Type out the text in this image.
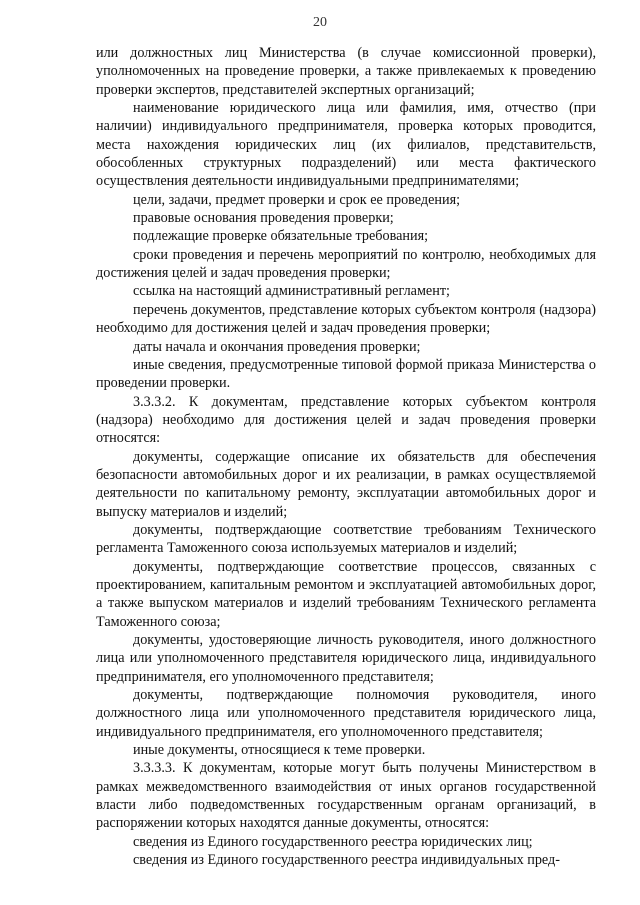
20

или должностных лиц Министерства (в случае комиссионной проверки), уполномоченных на проведение проверки, а также привлекаемых к проведению проверки экспертов, представителей экспертных организаций;

наименование юридического лица или фамилия, имя, отчество (при наличии) индивидуального предпринимателя, проверка которых проводится, места нахождения юридических лиц (их филиалов, представительств, обособленных структурных подразделений) или места фактического осуществления деятельности индивидуальными предпринимателями;

цели, задачи, предмет проверки и срок ее проведения;

правовые основания проведения проверки;

подлежащие проверке обязательные требования;

сроки проведения и перечень мероприятий по контролю, необходимых для достижения целей и задач проведения проверки;

ссылка на настоящий административный регламент;

перечень документов, представление которых субъектом контроля (надзора) необходимо для достижения целей и задач проведения проверки;

даты начала и окончания проведения проверки;

иные сведения, предусмотренные типовой формой приказа Министерства о проведении проверки.

3.3.3.2. К документам, представление которых субъектом контроля (надзора) необходимо для достижения целей и задач проведения проверки относятся:

документы, содержащие описание их обязательств для обеспечения безопасности автомобильных дорог и их реализации, в рамках осуществляемой деятельности по капитальному ремонту, эксплуатации автомобильных дорог и выпуску материалов и изделий;

документы, подтверждающие соответствие требованиям Технического регламента Таможенного союза используемых материалов и изделий;

документы, подтверждающие соответствие процессов, связанных с проектированием, капитальным ремонтом и эксплуатацией автомобильных дорог, а также выпуском материалов и изделий требованиям Технического регламента Таможенного союза;

документы, удостоверяющие личность руководителя, иного должностного лица или уполномоченного представителя юридического лица, индивидуального предпринимателя, его уполномоченного представителя;

документы, подтверждающие полномочия руководителя, иного должностного лица или уполномоченного представителя юридического лица, индивидуального предпринимателя, его уполномоченного представителя;

иные документы, относящиеся к теме проверки.

3.3.3.3. К документам, которые могут быть получены Министерством в рамках межведомственного взаимодействия от иных органов государственной власти либо подведомственных государственным органам организаций, в распоряжении которых находятся данные документы, относятся:

сведения из Единого государственного реестра юридических лиц;

сведения из Единого государственного реестра индивидуальных пред-
